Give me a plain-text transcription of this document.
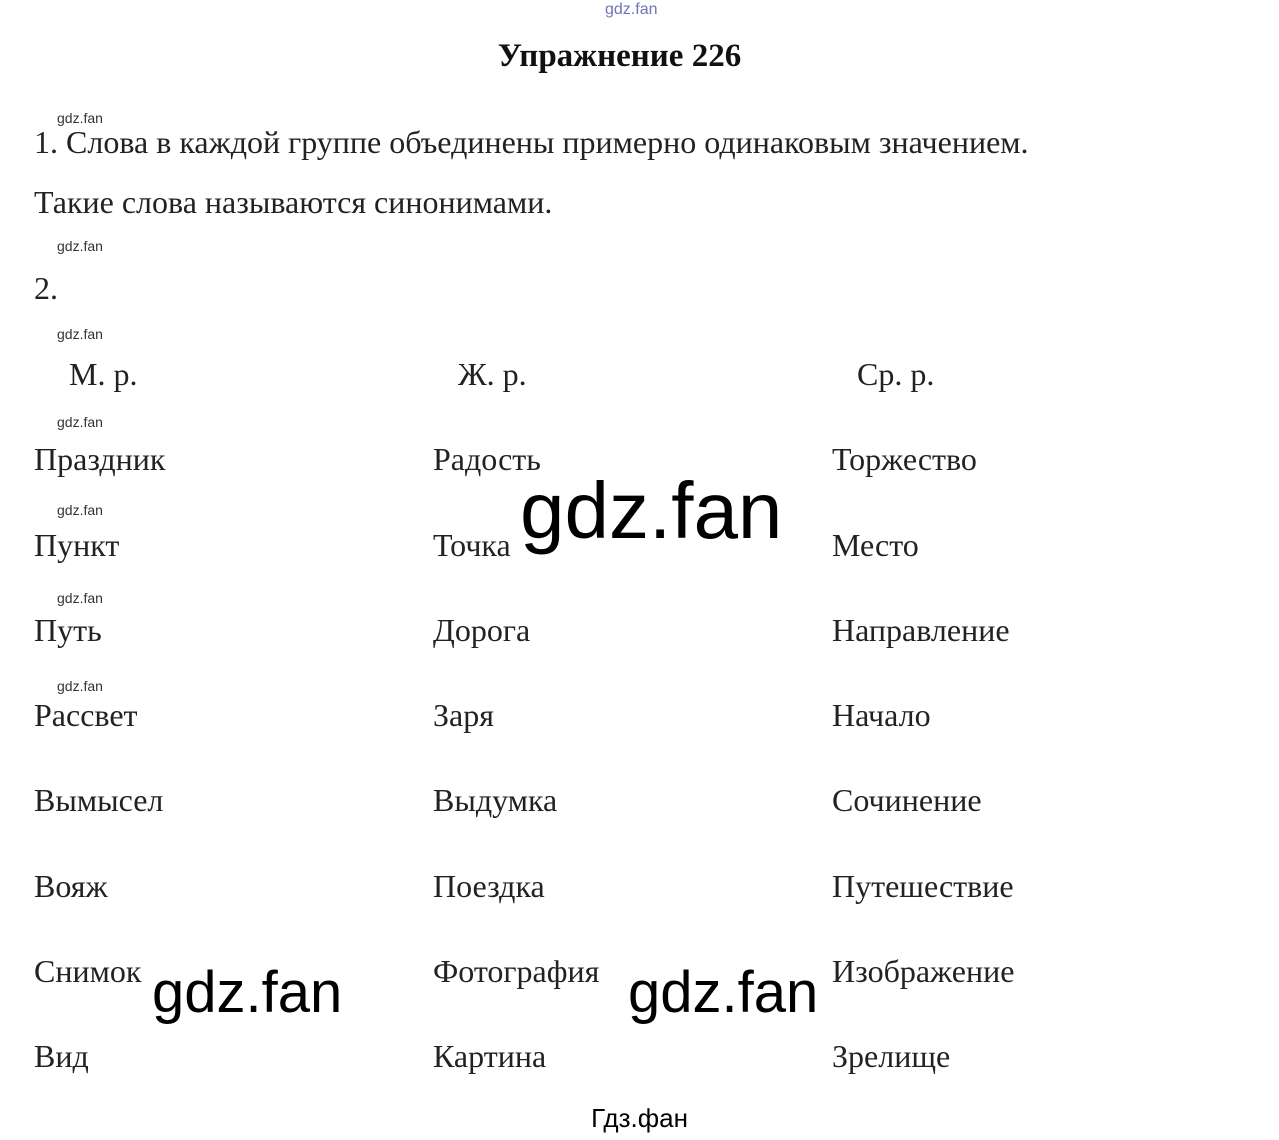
gdz.fan
Упражнение 226
gdz.fan
1. Слова в каждой группе объединены примерно одинаковым значением.
Такие слова называются синонимами.
gdz.fan
2.
gdz.fan
М. р.	Ж. р.	Ср. р.
gdz.fan
gdz.fan
gdz.fan
gdz.fan
Праздник	Радость	Торжество
Пункт	Точка	Место
Путь	Дорога	Направление
Рассвет	Заря	Начало
Вымысел	Выдумка	Сочинение
Вояж	Поездка	Путешествие
Снимок	Фотография	Изображение
Вид	Картина	Зрелище
gdz.fan
gdz.fan	gdz.fan
Гдз.фан
